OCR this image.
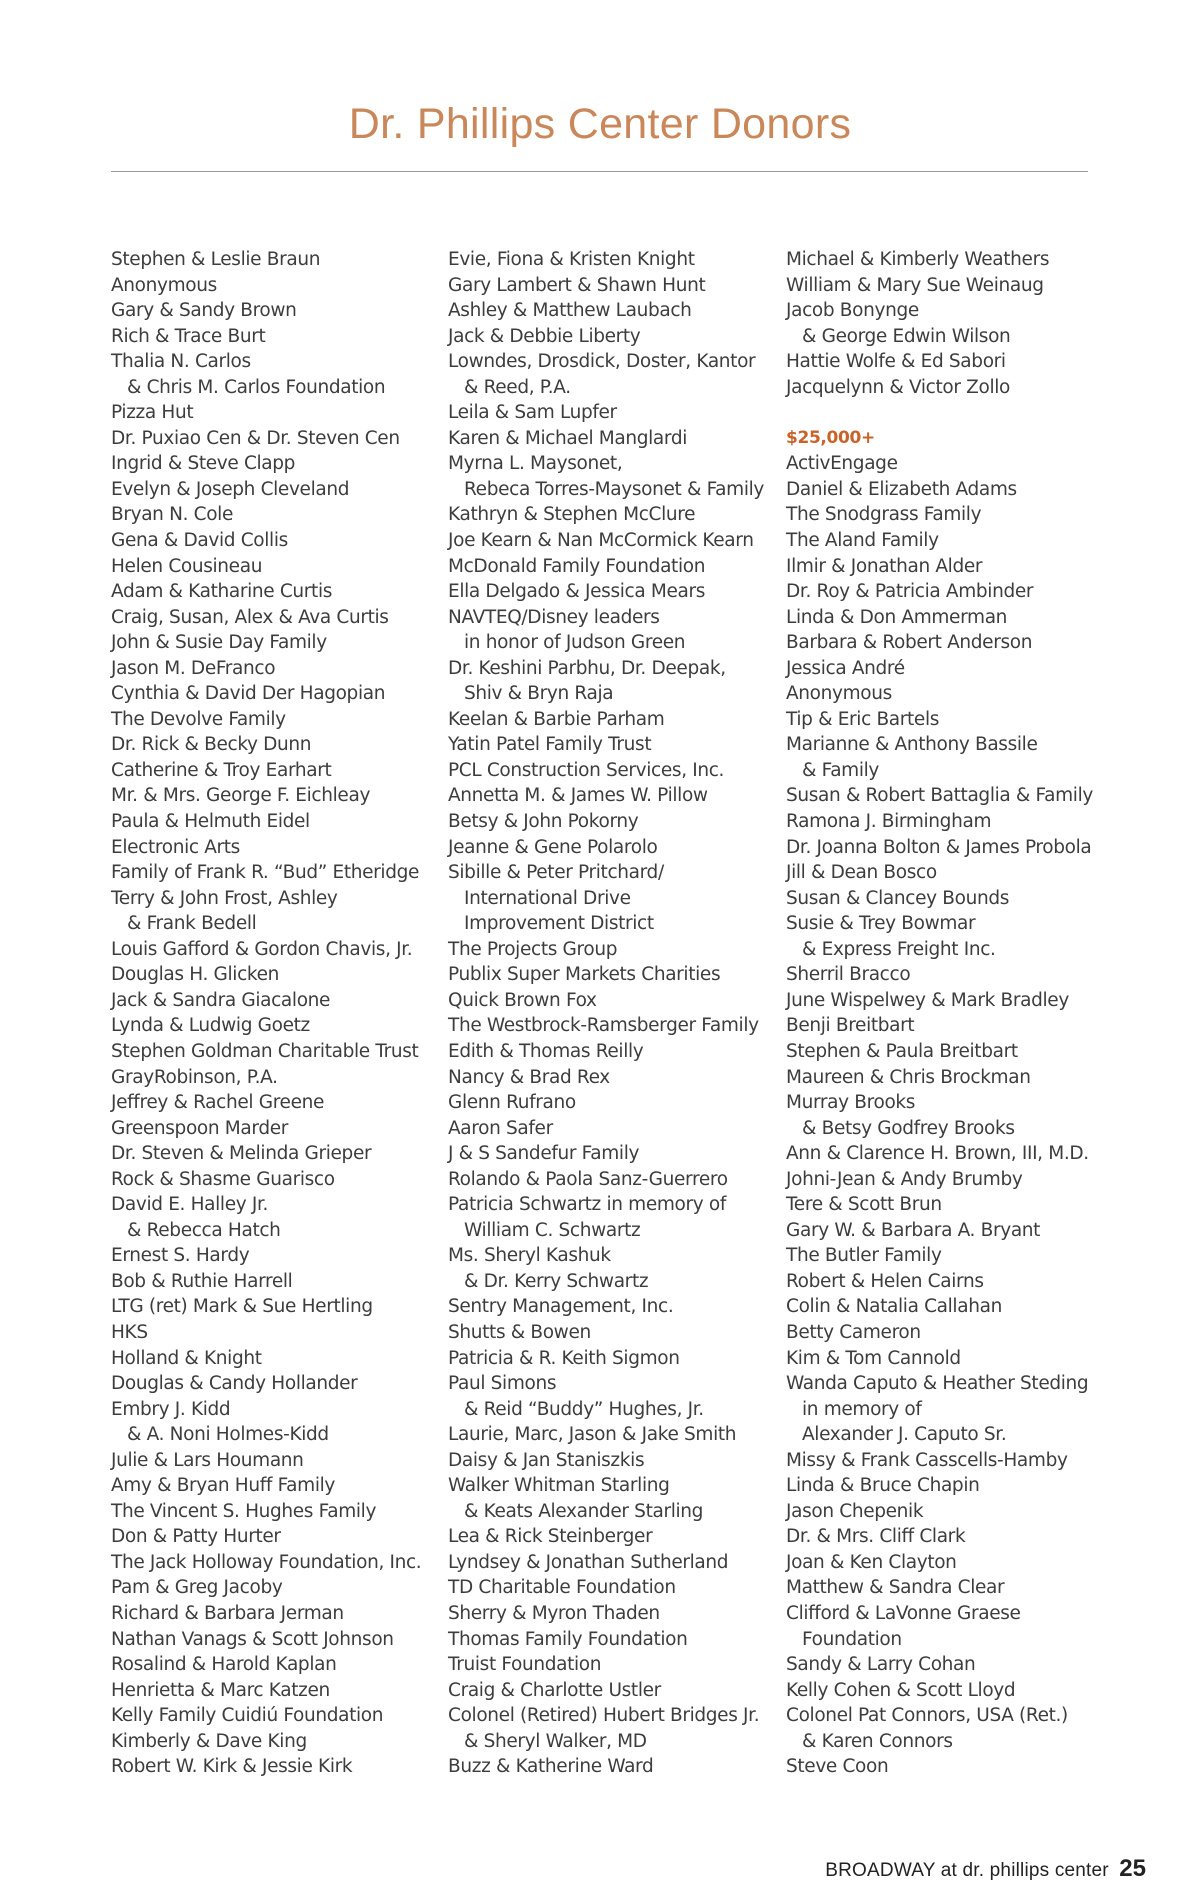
Dr. Phillips Center Donors
Stephen & Leslie Braun
Anonymous
Gary & Sandy Brown
Rich & Trace Burt
Thalia N. Carlos
& Chris M. Carlos Foundation
Pizza Hut
Dr. Puxiao Cen & Dr. Steven Cen
Ingrid & Steve Clapp
Evelyn & Joseph Cleveland
Bryan N. Cole
Gena & David Collis
Helen Cousineau
Adam & Katharine Curtis
Craig, Susan, Alex & Ava Curtis
John & Susie Day Family
Jason M. DeFranco
Cynthia & David Der Hagopian
The Devolve Family
Dr. Rick & Becky Dunn
Catherine & Troy Earhart
Mr. & Mrs. George F. Eichleay
Paula & Helmuth Eidel
Electronic Arts
Family of Frank R. “Bud” Etheridge
Terry & John Frost, Ashley
& Frank Bedell
Louis Gafford & Gordon Chavis, Jr.
Douglas H. Glicken
Jack & Sandra Giacalone
Lynda & Ludwig Goetz
Stephen Goldman Charitable Trust
GrayRobinson, P.A.
Jeffrey & Rachel Greene
Greenspoon Marder
Dr. Steven & Melinda Grieper
Rock & Shasme Guarisco
David E. Halley Jr.
& Rebecca Hatch
Ernest S. Hardy
Bob & Ruthie Harrell
LTG (ret) Mark & Sue Hertling
HKS
Holland & Knight
Douglas & Candy Hollander
Embry J. Kidd
& A. Noni Holmes-Kidd
Julie & Lars Houmann
Amy & Bryan Huff Family
The Vincent S. Hughes Family
Don & Patty Hurter
The Jack Holloway Foundation, Inc.
Pam & Greg Jacoby
Richard & Barbara Jerman
Nathan Vanags & Scott Johnson
Rosalind & Harold Kaplan
Henrietta & Marc Katzen
Kelly Family Cuidiú Foundation
Kimberly & Dave King
Robert W. Kirk & Jessie Kirk
Evie, Fiona & Kristen Knight
Gary Lambert & Shawn Hunt
Ashley & Matthew Laubach
Jack & Debbie Liberty
Lowndes, Drosdick, Doster, Kantor
& Reed, P.A.
Leila & Sam Lupfer
Karen & Michael Manglardi
Myrna L. Maysonet,
Rebeca Torres-Maysonet & Family
Kathryn & Stephen McClure
Joe Kearn & Nan McCormick Kearn
McDonald Family Foundation
Ella Delgado & Jessica Mears
NAVTEQ/Disney leaders
in honor of Judson Green
Dr. Keshini Parbhu, Dr. Deepak,
Shiv & Bryn Raja
Keelan & Barbie Parham
Yatin Patel Family Trust
PCL Construction Services, Inc.
Annetta M. & James W. Pillow
Betsy & John Pokorny
Jeanne & Gene Polarolo
Sibille & Peter Pritchard/
International Drive
Improvement District
The Projects Group
Publix Super Markets Charities
Quick Brown Fox
The Westbrock-Ramsberger Family
Edith & Thomas Reilly
Nancy & Brad Rex
Glenn Rufrano
Aaron Safer
J & S Sandefur Family
Rolando & Paola Sanz-Guerrero
Patricia Schwartz in memory of
William C. Schwartz
Ms. Sheryl Kashuk
& Dr. Kerry Schwartz
Sentry Management, Inc.
Shutts & Bowen
Patricia & R. Keith Sigmon
Paul Simons
& Reid “Buddy” Hughes, Jr.
Laurie, Marc, Jason & Jake Smith
Daisy & Jan Staniszkis
Walker Whitman Starling
& Keats Alexander Starling
Lea & Rick Steinberger
Lyndsey & Jonathan Sutherland
TD Charitable Foundation
Sherry & Myron Thaden
Thomas Family Foundation
Truist Foundation
Craig & Charlotte Ustler
Colonel (Retired) Hubert Bridges Jr.
& Sheryl Walker, MD
Buzz & Katherine Ward
Michael & Kimberly Weathers
William & Mary Sue Weinaug
Jacob Bonynge
& George Edwin Wilson
Hattie Wolfe & Ed Sabori
Jacquelynn & Victor Zollo
$25,000+
ActivEngage
Daniel & Elizabeth Adams
The Snodgrass Family
The Aland Family
Ilmir & Jonathan Alder
Dr. Roy & Patricia Ambinder
Linda & Don Ammerman
Barbara & Robert Anderson
Jessica André
Anonymous
Tip & Eric Bartels
Marianne & Anthony Bassile
& Family
Susan & Robert Battaglia & Family
Ramona J. Birmingham
Dr. Joanna Bolton & James Probola
Jill & Dean Bosco
Susan & Clancey Bounds
Susie & Trey Bowmar
& Express Freight Inc.
Sherril Bracco
June Wispelwey & Mark Bradley
Benji Breitbart
Stephen & Paula Breitbart
Maureen & Chris Brockman
Murray Brooks
& Betsy Godfrey Brooks
Ann & Clarence H. Brown, III, M.D.
Johni-Jean & Andy Brumby
Tere & Scott Brun
Gary W. & Barbara A. Bryant
The Butler Family
Robert & Helen Cairns
Colin & Natalia Callahan
Betty Cameron
Kim & Tom Cannold
Wanda Caputo & Heather Steding
in memory of
Alexander J. Caputo Sr.
Missy & Frank Casscells-Hamby
Linda & Bruce Chapin
Jason Chepenik
Dr. & Mrs. Cliff Clark
Joan & Ken Clayton
Matthew & Sandra Clear
Clifford & LaVonne Graese
Foundation
Sandy & Larry Cohan
Kelly Cohen & Scott Lloyd
Colonel Pat Connors, USA (Ret.)
& Karen Connors
Steve Coon
BROADWAY at dr. phillips center 25
